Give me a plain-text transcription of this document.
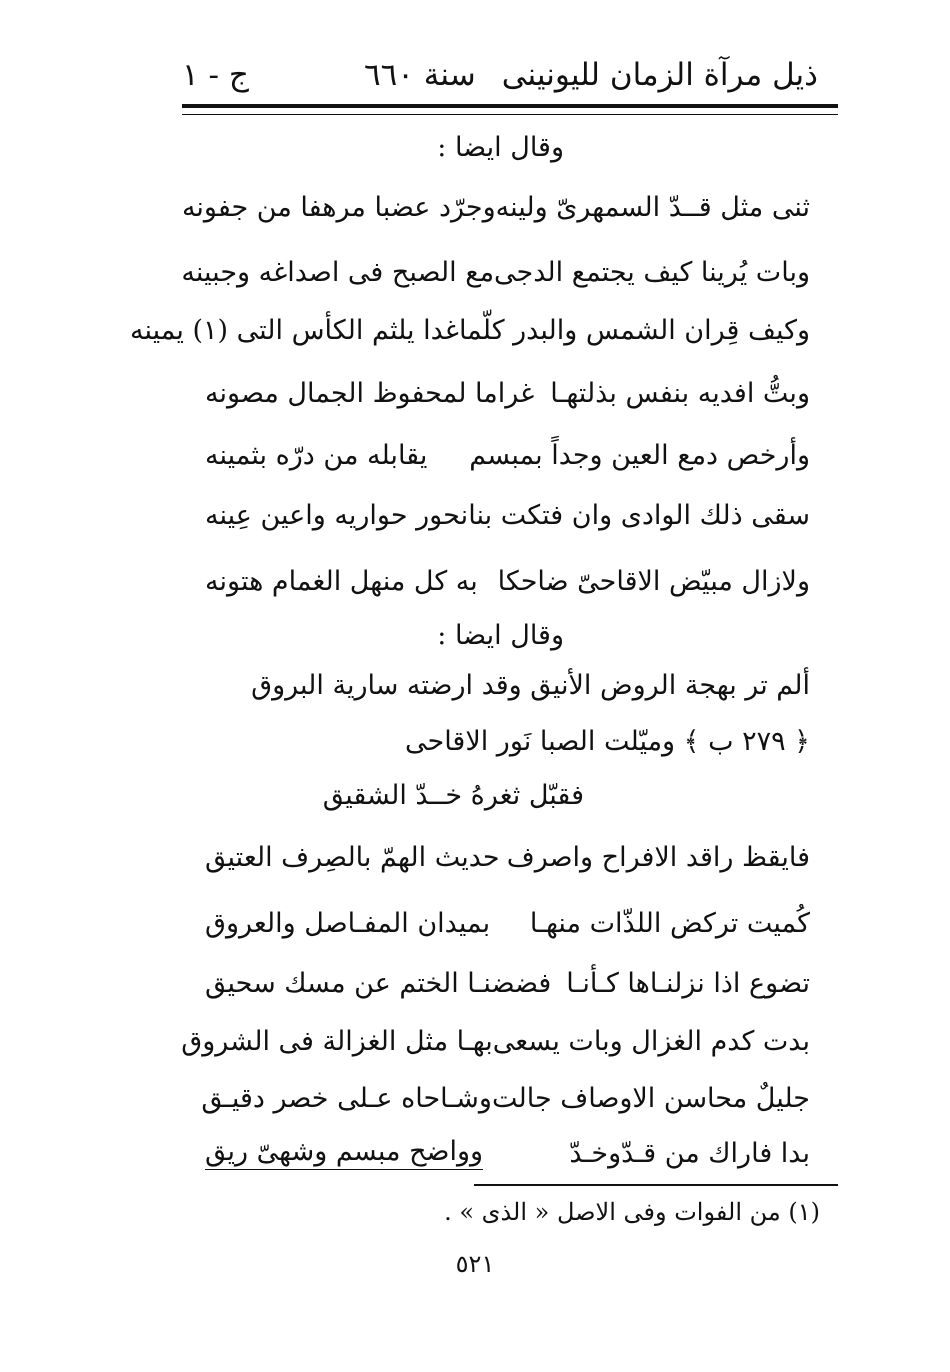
ذيل مرآة الزمان لليونينى
سنة ٦٦٠
ج - ١
وقال ايضا :
ثنى مثل قــدّ السمهرىّ ولينه
وجرّد عضبا مرهفا من جفونه
وبات يُرينا كيف يجتمع الدجى
مع الصبح فى اصداغه وجبينه
وكيف قِران الشمس والبدر كلّما
غدا يلثم الكأس التى (١) يمينه
وبتُّ افديه بنفس بذلتهـا
غراما لمحفوظ الجمال مصونه
وأرخص دمع العين وجداً بمبسم
يقابله من درّه بثمينه
سقى ذلك الوادى وان فتكت بنا
نحور حواريه واعين عِينه
ولازال مبيّض الاقاحىّ ضاحكا
به كل منهل الغمام هتونه
وقال ايضا :
ألم تر بهجة الروض الأنيق وقد ارضته سارية البروق
﴿ ٢٧٩ ب ﴾ وميّلت الصبا نَور الاقاحى
فقبّل ثغرهُ خــدّ الشقيق
فايقظ راقد الافراح واصرف
حديث الهمّ بالصِرف العتيق
كُميت تركض اللذّات منهـا
بميدان المفـاصل والعروق
تضوع اذا نزلنـاها كـأنـا
فضضنـا الختم عن مسك سحيق
بدت كدم الغزال وبات يسعى
بهـا مثل الغزالة فى الشروق
جليلٌ محاسن الاوصاف جالت
وشـاحاه عـلى خصر دقيـق
بدا فاراك من قـدّوخـدّ
وواضح مبسم وشهىّ ريق
(١) من الفوات وفى الاصل « الذى » .
٥٢١
